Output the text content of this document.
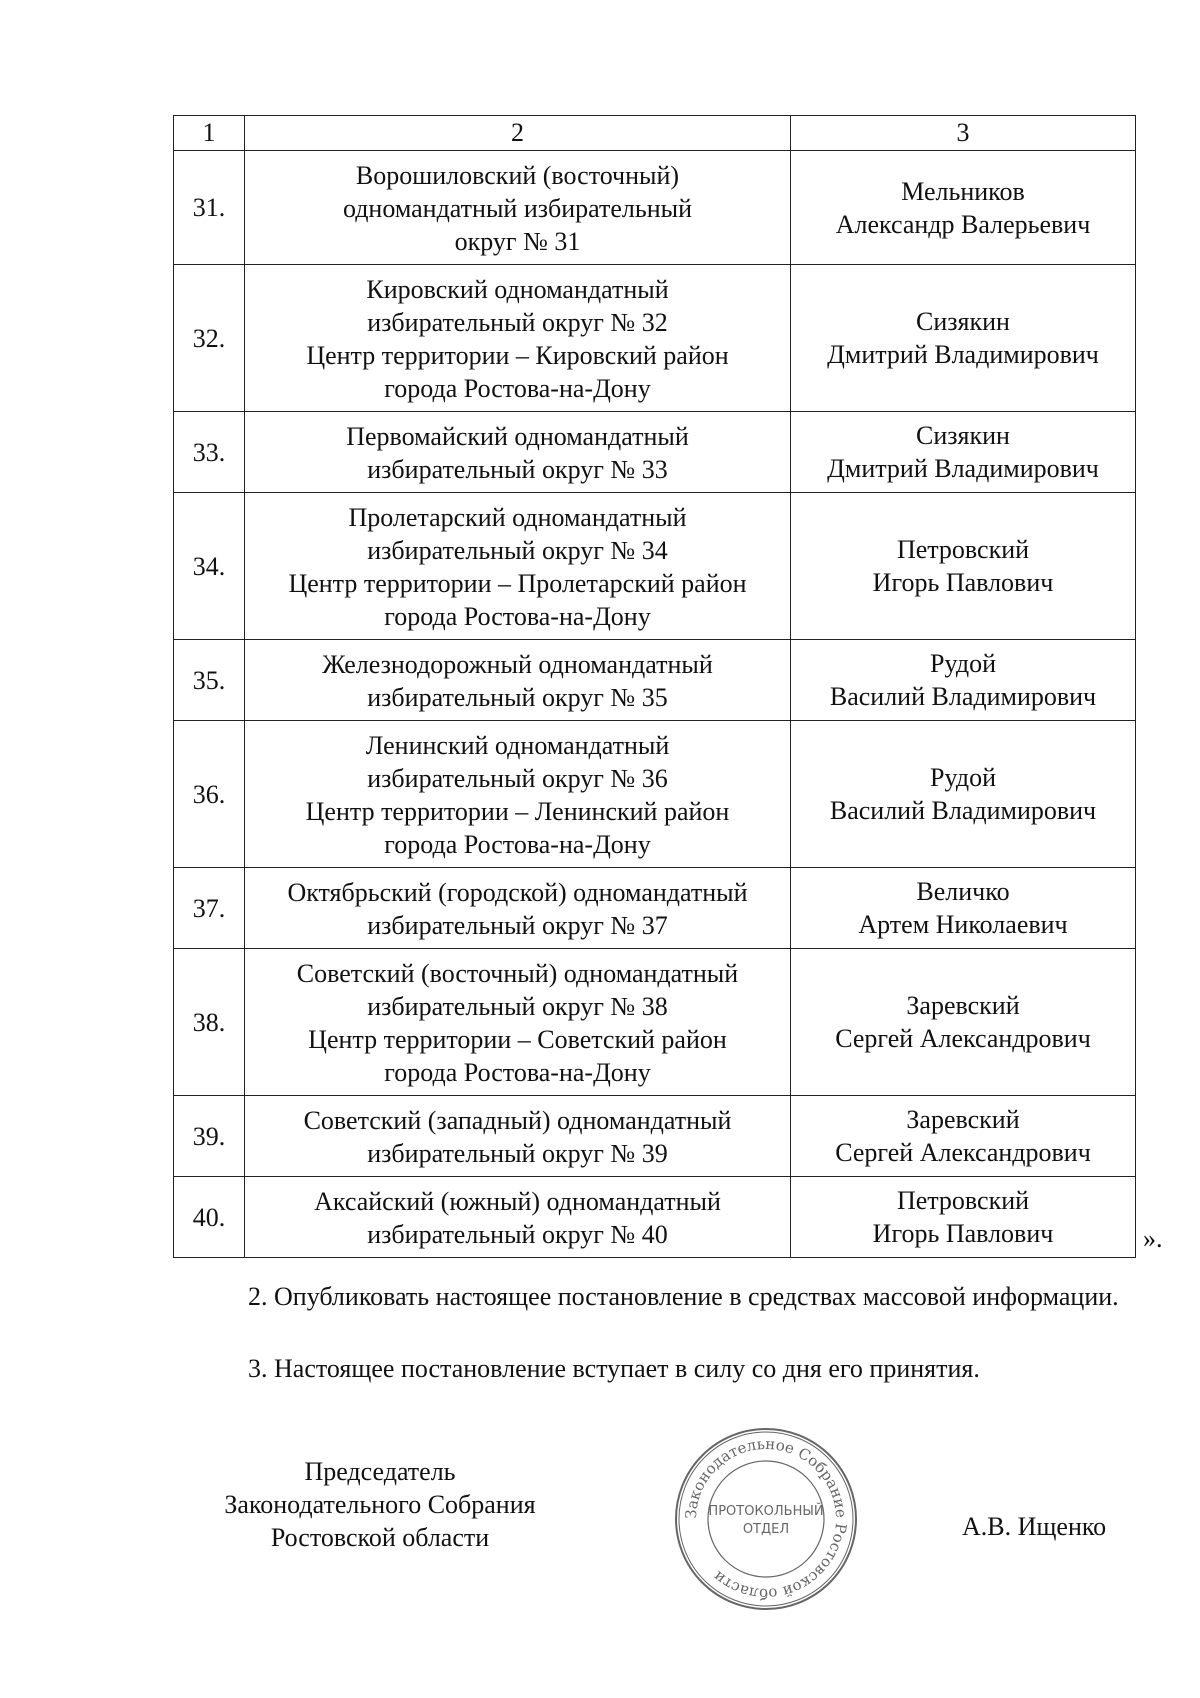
1	2	3
31.	Ворошиловский (восточный)
одномандатный избирательный
округ № 31	Мельников
Александр Валерьевич

32.	Кировский одномандатный
избирательный округ № 32
Центр территории – Кировский район
города Ростова-на-Дону	Сизякин
Дмитрий Владимирович

33.	Первомайский одномандатный
избирательный округ № 33	Сизякин
Дмитрий Владимирович

34.	Пролетарский одномандатный
избирательный округ № 34
Центр территории – Пролетарский район
города Ростова-на-Дону	Петровский
Игорь Павлович

35.	Железнодорожный одномандатный
избирательный округ № 35	Рудой
Василий Владимирович

36.	Ленинский одномандатный
избирательный округ № 36
Центр территории – Ленинский район
города Ростова-на-Дону	Рудой
Василий Владимирович

37.	Октябрьский (городской) одномандатный
избирательный округ № 37	Величко
Артем Николаевич

38.	Советский (восточный) одномандатный
избирательный округ № 38
Центр территории – Советский район
города Ростова-на-Дону	Заревский
Сергей Александрович

39.	Советский (западный) одномандатный
избирательный округ № 39	Заревский
Сергей Александрович

40.	Аксайский (южный) одномандатный
избирательный округ № 40	Петровский
Игорь Павлович	».

2. Опубликовать настоящее постановление в средствах массовой информации.

3. Настоящее постановление вступает в силу со дня его принятия.

Председатель
Законодательного Собрания
Ростовской области
Законодательное Собрание Ростовской области
ПРОТОКОЛЬНЫЙ
ОТДЕЛ	А.В. Ищенко
